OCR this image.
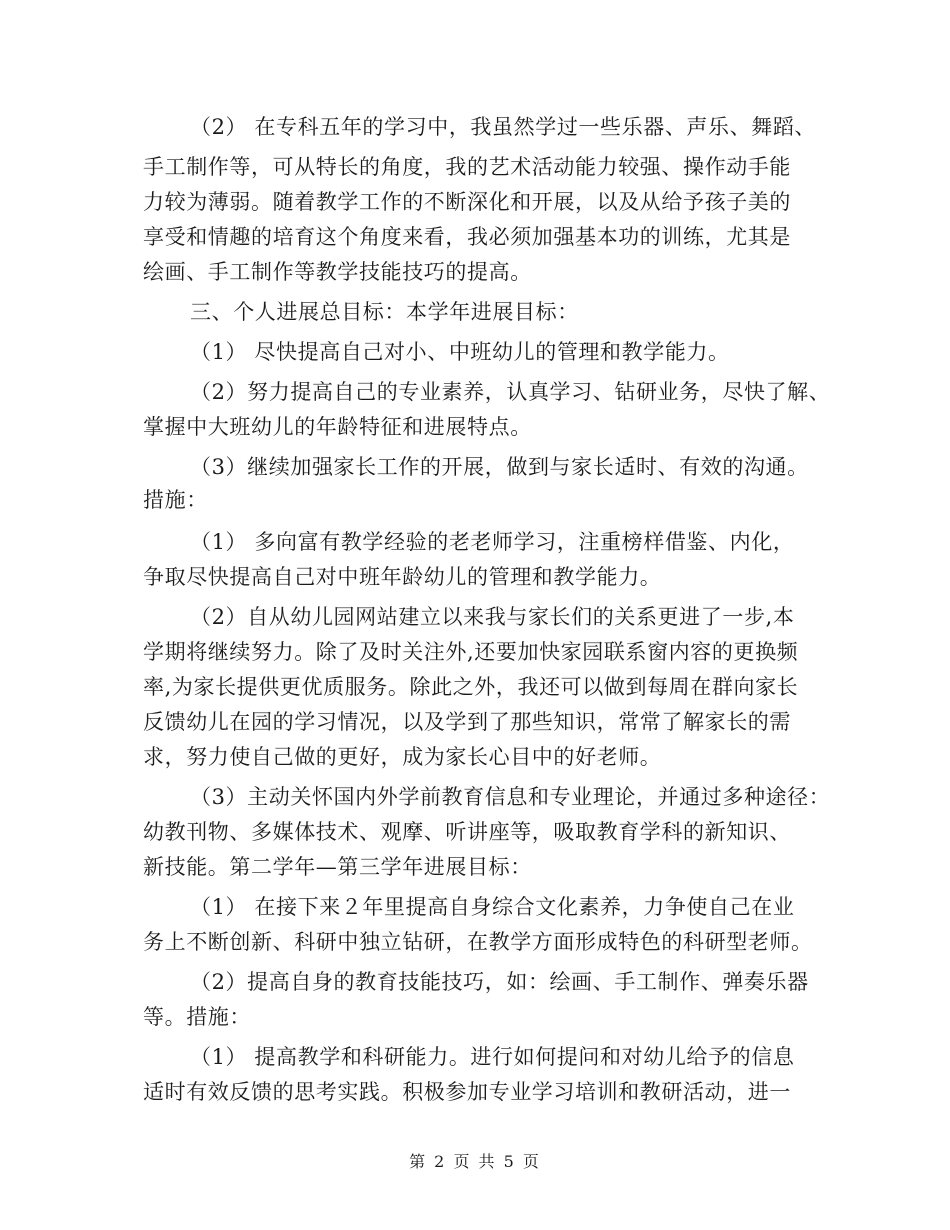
（2） 在专科五年的学习中，我虽然学过一些乐器、声乐、舞蹈、
手工制作等，可从特长的角度，我的艺术活动能力较强、操作动手能
力较为薄弱。随着教学工作的不断深化和开展，以及从给予孩子美的
享受和情趣的培育这个角度来看，我必须加强基本功的训练，尤其是
绘画、手工制作等教学技能技巧的提高。
三、个人进展总目标：本学年进展目标：
（1） 尽快提高自己对小、中班幼儿的管理和教学能力。
（2）努力提高自己的专业素养，认真学习、钻研业务，尽快了解、
掌握中大班幼儿的年龄特征和进展特点。
（3）继续加强家长工作的开展，做到与家长适时、有效的沟通。
措施：
（1） 多向富有教学经验的老老师学习，注重榜样借鉴、内化，
争取尽快提高自己对中班年龄幼儿的管理和教学能力。
（2）自从幼儿园网站建立以来我与家长们的关系更进了一步,本
学期将继续努力。除了及时关注外,还要加快家园联系窗内容的更换频
率,为家长提供更优质服务。除此之外，我还可以做到每周在群向家长
反馈幼儿在园的学习情况，以及学到了那些知识，常常了解家长的需
求，努力使自己做的更好，成为家长心目中的好老师。
（3）主动关怀国内外学前教育信息和专业理论，并通过多种途径：
幼教刊物、多媒体技术、观摩、听讲座等，吸取教育学科的新知识、
新技能。第二学年—第三学年进展目标：
（1） 在接下来２年里提高自身综合文化素养，力争使自己在业
务上不断创新、科研中独立钻研，在教学方面形成特色的科研型老师。
（2）提高自身的教育技能技巧，如：绘画、手工制作、弹奏乐器
等。措施：
（1） 提高教学和科研能力。进行如何提问和对幼儿给予的信息
适时有效反馈的思考实践。积极参加专业学习培训和教研活动，进一
第 2 页 共 5 页
